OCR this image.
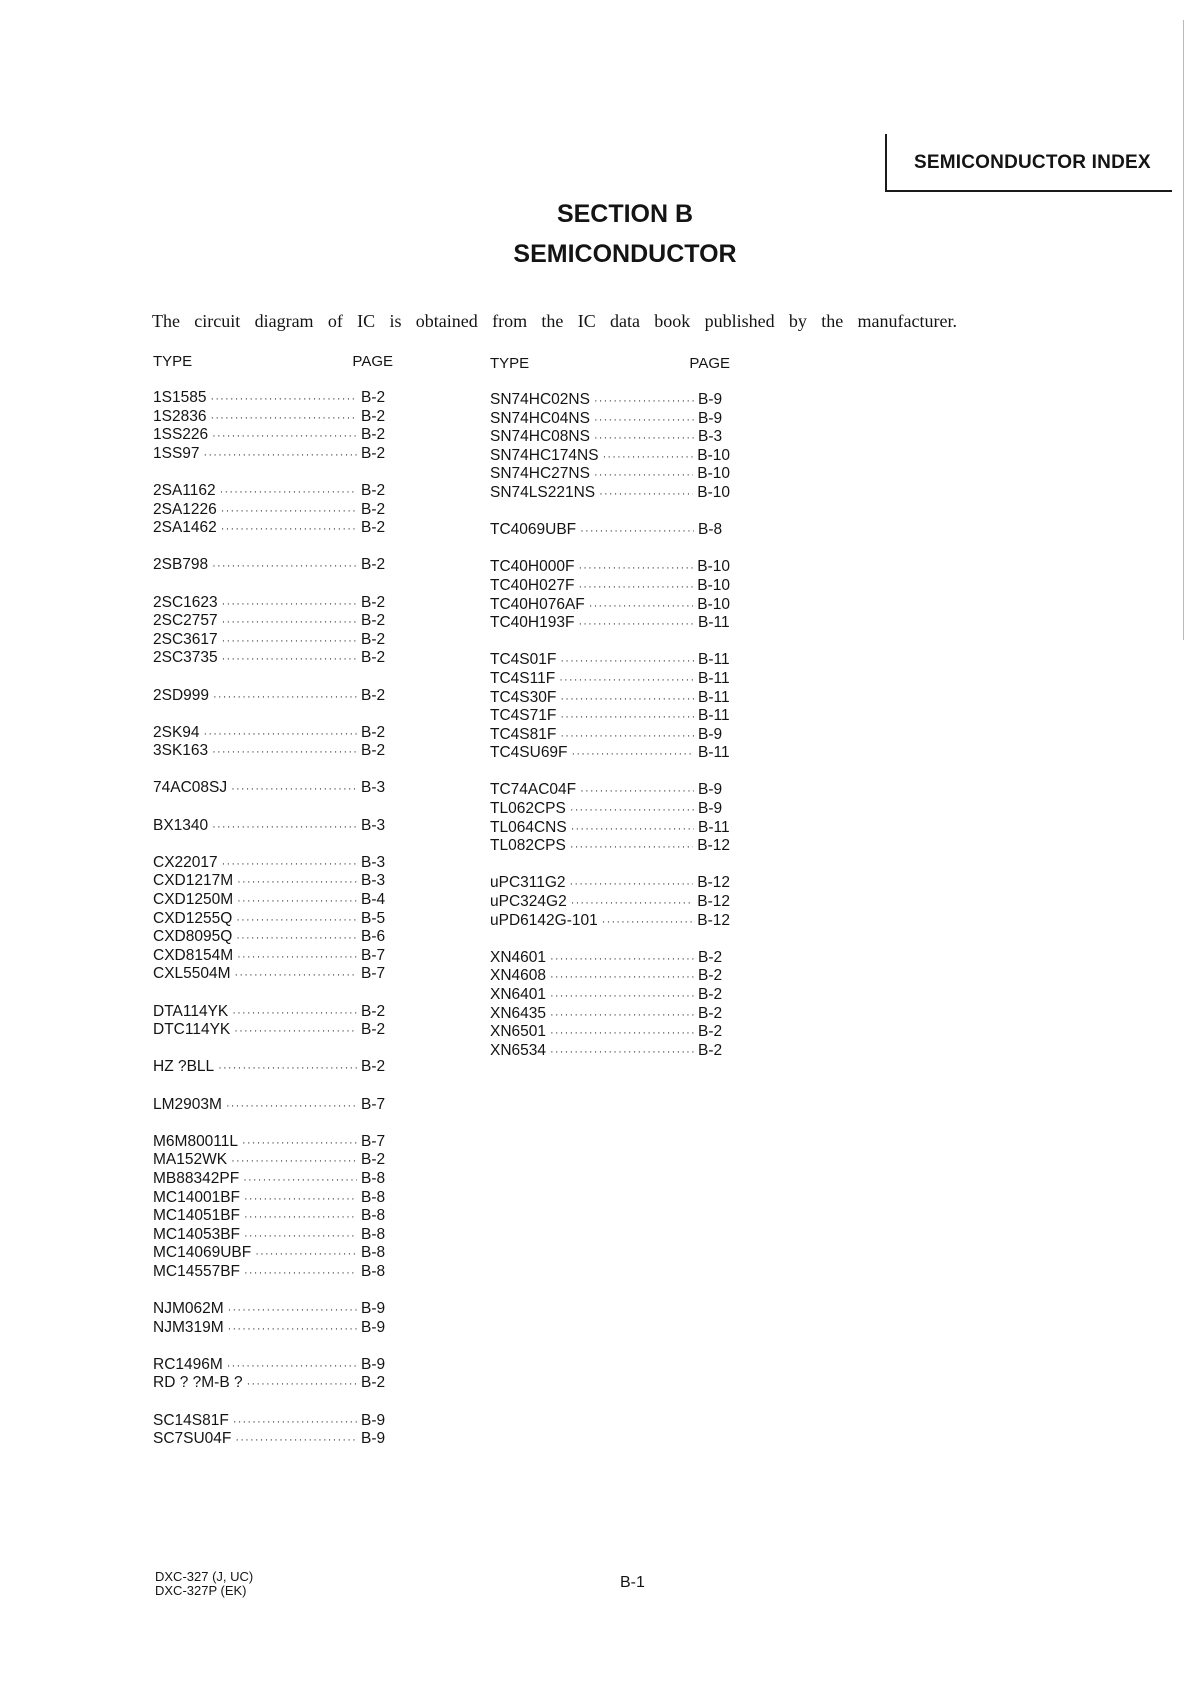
SEMICONDUCTOR INDEX
SECTION B
SEMICONDUCTOR
The circuit diagram of IC is obtained from the IC data book published by the manufacturer.
TYPE	PAGE
1S1585 ·····	B-2
1S2836 ·····	B-2
1SS226 ·····	B-2
1SS97 ·····	B-2
2SA1162 ·····	B-2
2SA1226 ·····	B-2
2SA1462 ·····	B-2
2SB798 ·····	B-2
2SC1623 ·····	B-2
2SC2757 ·····	B-2
2SC3617 ·····	B-2
2SC3735 ·····	B-2
2SD999 ·····	B-2
2SK94 ·····	B-2
3SK163 ·····	B-2
74AC08SJ ·····	B-3
BX1340 ·····	B-3
CX22017 ·····	B-3
CXD1217M ·····	B-3
CXD1250M ·····	B-4
CXD1255Q ·····	B-5
CXD8095Q ·····	B-6
CXD8154M ·····	B-7
CXL5504M ·····	B-7
DTA114YK ·····	B-2
DTC114YK ·····	B-2
HZ ?BLL ·····	B-2
LM2903M ·····	B-7
M6M80011L ·····	B-7
MA152WK ·····	B-2
MB88342PF ·····	B-8
MC14001BF ·····	B-8
MC14051BF ·····	B-8
MC14053BF ·····	B-8
MC14069UBF ·····	B-8
MC14557BF ·····	B-8
NJM062M ·····	B-9
NJM319M ·····	B-9
RC1496M ·····	B-9
RD ? ?M-B ? ·····	B-2
SC14S81F ·····	B-9
SC7SU04F ·····	B-9
TYPE	PAGE
SN74HC02NS ·····	B-9
SN74HC04NS ·····	B-9
SN74HC08NS ·····	B-3
SN74HC174NS ·····	B-10
SN74HC27NS ·····	B-10
SN74LS221NS ·····	B-10
TC4069UBF ·····	B-8
TC40H000F ·····	B-10
TC40H027F ·····	B-10
TC40H076AF ·····	B-10
TC40H193F ·····	B-11
TC4S01F ·····	B-11
TC4S11F ·····	B-11
TC4S30F ·····	B-11
TC4S71F ·····	B-11
TC4S81F ·····	B-9
TC4SU69F ·····	B-11
TC74AC04F ·····	B-9
TL062CPS ·····	B-9
TL064CNS ·····	B-11
TL082CPS ·····	B-12
uPC311G2 ·····	B-12
uPC324G2 ·····	B-12
uPD6142G-101 ·····	B-12
XN4601 ·····	B-2
XN4608 ·····	B-2
XN6401 ·····	B-2
XN6435 ·····	B-2
XN6501 ·····	B-2
XN6534 ·····	B-2
DXC-327 (J, UC)
DXC-327P (EK)	B-1
